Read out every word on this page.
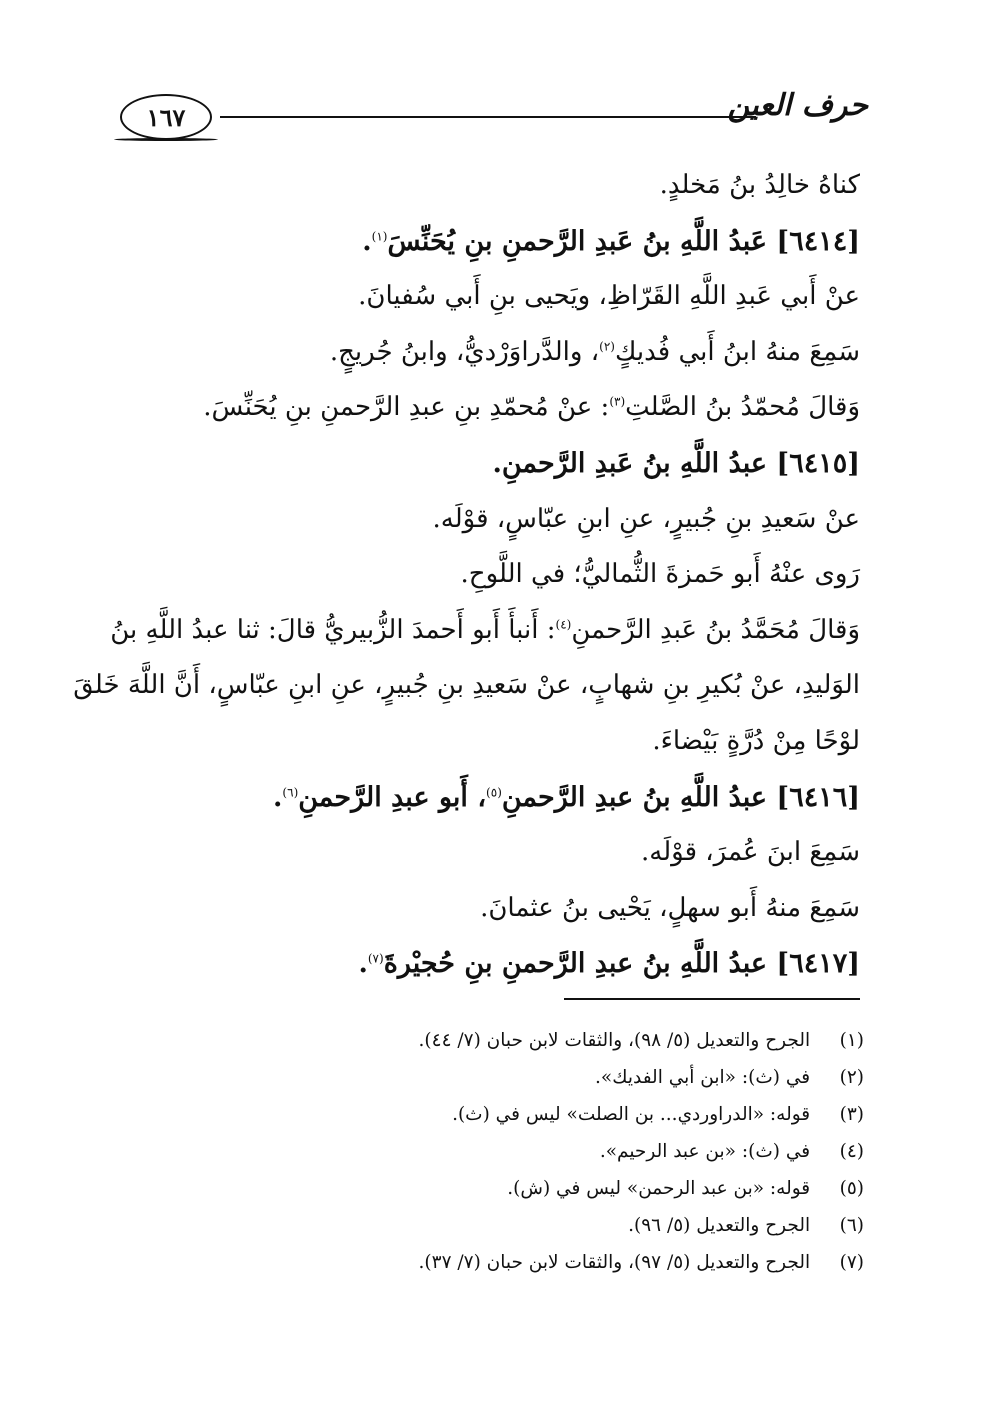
١٦٧	حرف العين
كناهُ خالِدُ بنُ مَخلدٍ.
[٦٤١٤] عَبدُ اللَّهِ بنُ عَبدِ الرَّحمنِ بنِ يُحَنِّسَ$^{(١)}$.
عنْ أَبي عَبدِ اللَّهِ القَرّاظِ، ويَحيى بنِ أَبي سُفيانَ.
سَمِعَ منهُ ابنُ أَبي فُديكٍ$^{(٢)}$، والدَّراوَرْديُّ، وابنُ جُريجٍ.
وَقالَ مُحمّدُ بنُ الصَّلتِ$^{(٣)}$: عنْ مُحمّدِ بنِ عبدِ الرَّحمنِ بنِ يُحَنِّسَ.
[٦٤١٥] عبدُ اللَّهِ بنُ عَبدِ الرَّحمنِ.
عنْ سَعيدِ بنِ جُبيرٍ، عنِ ابنِ عبّاسٍ، قوْلَه.
رَوى عنْهُ أَبو حَمزةَ الثُّماليُّ؛ في اللَّوحِ.
وَقالَ مُحَمَّدُ بنُ عَبدِ الرَّحمنِ$^{(٤)}$: أَنبأَ أَبو أَحمدَ الزُّبيريُّ قالَ: ثنا عبدُ اللَّهِ بنُ
الوَليدِ، عنْ بُكيرِ بنِ شهابٍ، عنْ سَعيدِ بنِ جُبيرٍ، عنِ ابنِ عبّاسٍ، أَنَّ اللَّهَ خَلقَ
لوْحًا مِنْ دُرَّةٍ بَيْضاءَ.
[٦٤١٦] عبدُ اللَّهِ بنُ عبدِ الرَّحمنِ$^{(٥)}$، أَبو عبدِ الرَّحمنِ$^{(٦)}$.
سَمِعَ ابنَ عُمرَ، قوْلَه.
سَمِعَ منهُ أَبو سهلٍ، يَحْيى بنُ عثمانَ.
[٦٤١٧] عبدُ اللَّهِ بنُ عبدِ الرَّحمنِ بنِ حُجيْرةَ$^{(٧)}$.
(١) الجرح والتعديل (٥/ ٩٨)، والثقات لابن حبان (٧/ ٤٤).
(٢) في (ث): «ابن أبي الفديك».
(٣) قوله: «الدراوردي... بن الصلت» ليس في (ث).
(٤) في (ث): «بن عبد الرحيم».
(٥) قوله: «بن عبد الرحمن» ليس في (ش).
(٦) الجرح والتعديل (٥/ ٩٦).
(٧) الجرح والتعديل (٥/ ٩٧)، والثقات لابن حبان (٧/ ٣٧).
